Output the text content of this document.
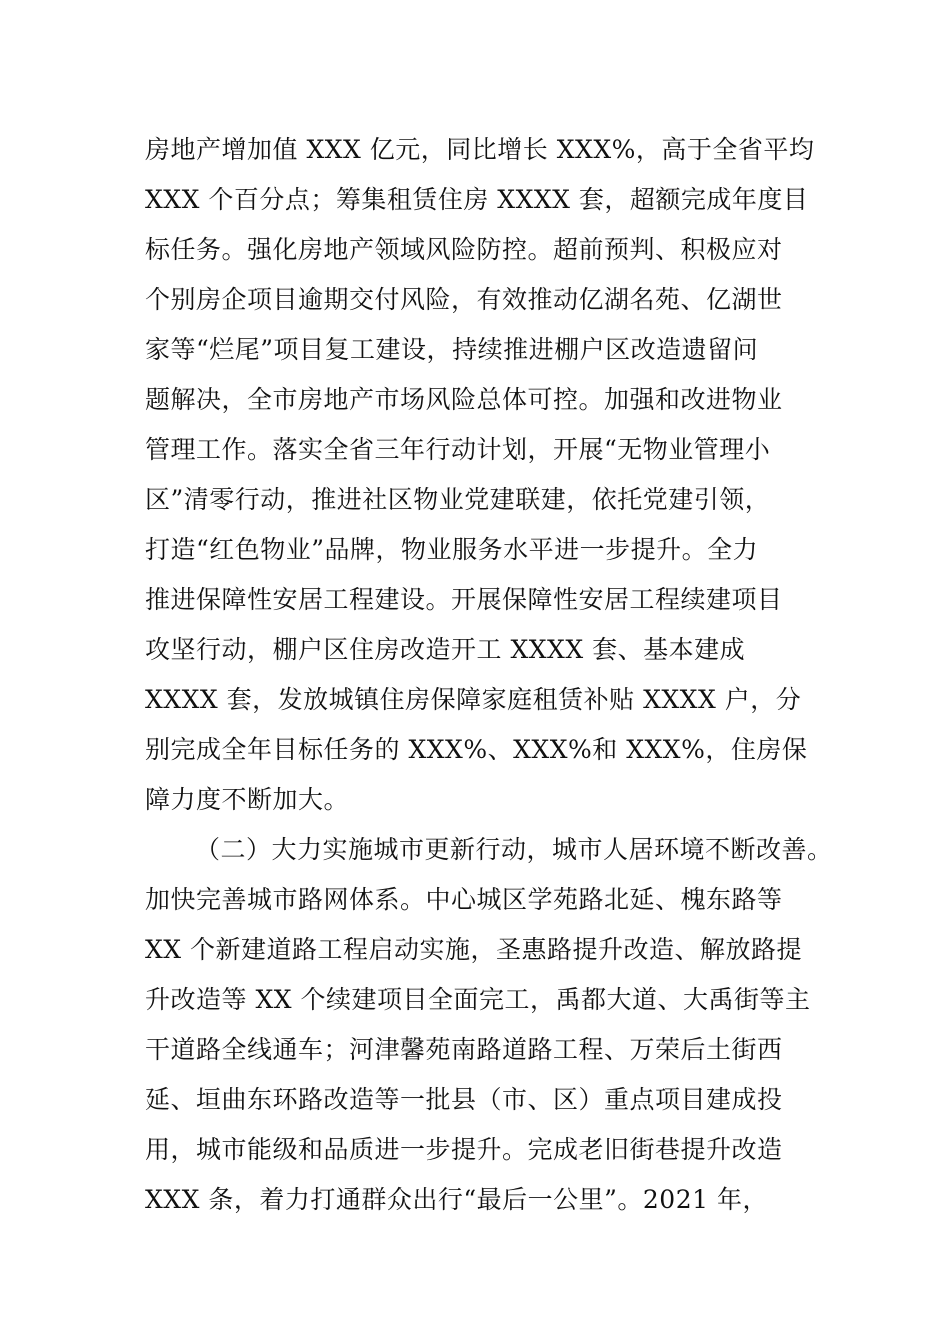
房地产增加值 XXX 亿元，同比增长 XXX%，高于全省平均
XXX 个百分点；筹集租赁住房 XXXX 套，超额完成年度目
标任务。强化房地产领域风险防控。超前预判、积极应对
个别房企项目逾期交付风险，有效推动亿湖名苑、亿湖世
家等“烂尾”项目复工建设，持续推进棚户区改造遗留问
题解决，全市房地产市场风险总体可控。加强和改进物业
管理工作。落实全省三年行动计划，开展“无物业管理小
区”清零行动，推进社区物业党建联建，依托党建引领，
打造“红色物业”品牌，物业服务水平进一步提升。全力
推进保障性安居工程建设。开展保障性安居工程续建项目
攻坚行动，棚户区住房改造开工 XXXX 套、基本建成
XXXX 套，发放城镇住房保障家庭租赁补贴 XXXX 户，分
别完成全年目标任务的 XXX%、XXX%和 XXX%，住房保
障力度不断加大。
（二）大力实施城市更新行动，城市人居环境不断改善。
加快完善城市路网体系。中心城区学苑路北延、槐东路等
XX 个新建道路工程启动实施，圣惠路提升改造、解放路提
升改造等 XX 个续建项目全面完工，禹都大道、大禹街等主
干道路全线通车；河津馨苑南路道路工程、万荣后土街西
延、垣曲东环路改造等一批县（市、区）重点项目建成投
用，城市能级和品质进一步提升。完成老旧街巷提升改造
XXX 条，着力打通群众出行“最后一公里”。2021 年，
